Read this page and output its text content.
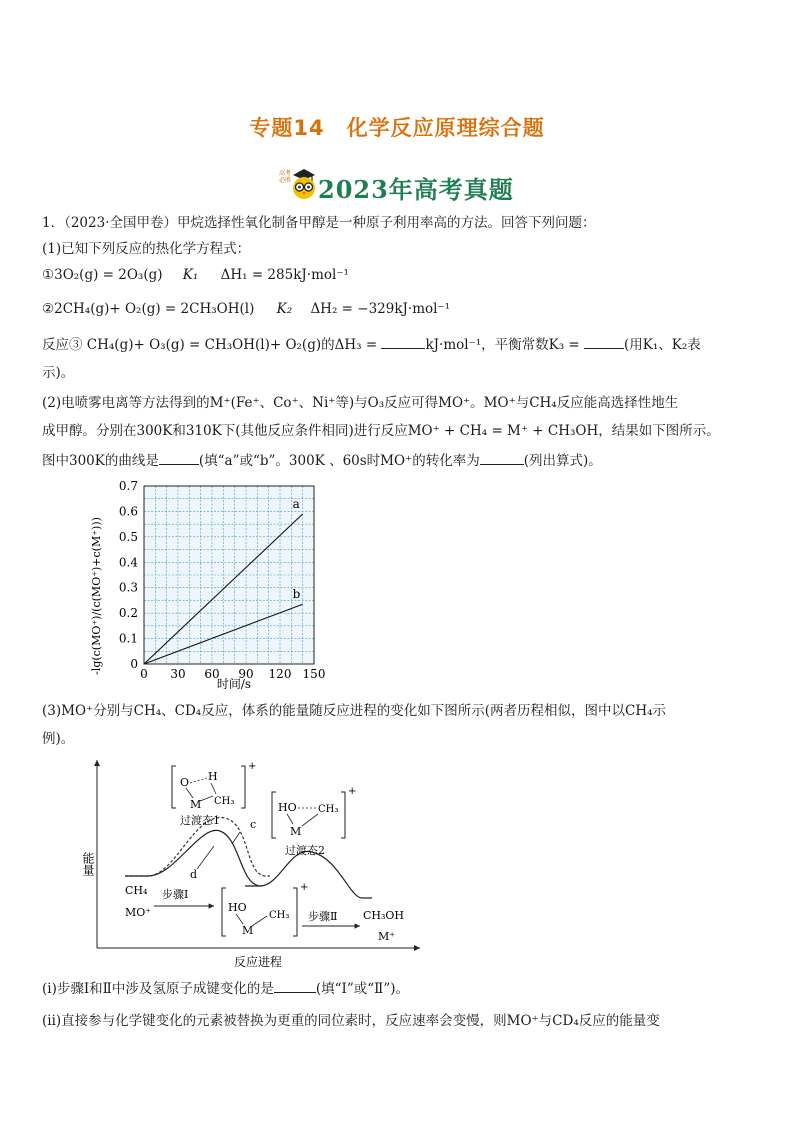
专题14　化学反应原理综合题
高考必胜 2023年高考真题
1．（2023·全国甲卷）甲烷选择性氧化制备甲醇是一种原子利用率高的方法。回答下列问题：
(1)已知下列反应的热化学方程式：
①3O₂(g) = 2O₃(g) K₁ ΔH₁ = 285kJ·mol⁻¹
②2CH₄(g)+ O₂(g) = 2CH₃OH(l) K₂ ΔH₂ = −329kJ·mol⁻¹
反应③ CH₄(g)+ O₃(g) = CH₃OH(l)+ O₂(g)的ΔH₃ =	kJ·mol⁻¹，平衡常数K₃ =	(用K₁、K₂表
示)。
(2)电喷雾电离等方法得到的M⁺(Fe⁺、Co⁺、Ni⁺等)与O₃反应可得MO⁺。MO⁺与CH₄反应能高选择性地生
成甲醇。分别在300K和310K下(其他反应条件相同)进行反应MO⁺ + CH₄ = M⁺ + CH₃OH，结果如下图所示。
图中300K的曲线是	(填“a”或“b”。300K 、60s时MO⁺的转化率为	(列出算式)。
0 30 60 90 120 150
0
0.1
0.2
0.3
0.4
0.5
0.6
0.7
a
b
-lg(c(MO⁺)/(c(MO⁺)+c(M⁺)))
时间/s
(3)MO⁺分别与CH₄、CD₄反应，体系的能量随反应进程的变化如下图所示(两者历程相似，图中以CH₄示
例)。
能量
反应进程
c
d
+
O H
M CH₃
过渡态1
+
HO CH₃
M
过渡态2
CH₄
MO⁺
步骤Ⅰ
+
HO
M
CH₃ 步骤Ⅱ CH₃OH
M⁺
(ⅰ)步骤Ⅰ和Ⅱ中涉及氢原子成键变化的是	(填“Ⅰ”或“Ⅱ”)。
(ⅱ)直接参与化学键变化的元素被替换为更重的同位素时，反应速率会变慢，则MO⁺与CD₄反应的能量变
